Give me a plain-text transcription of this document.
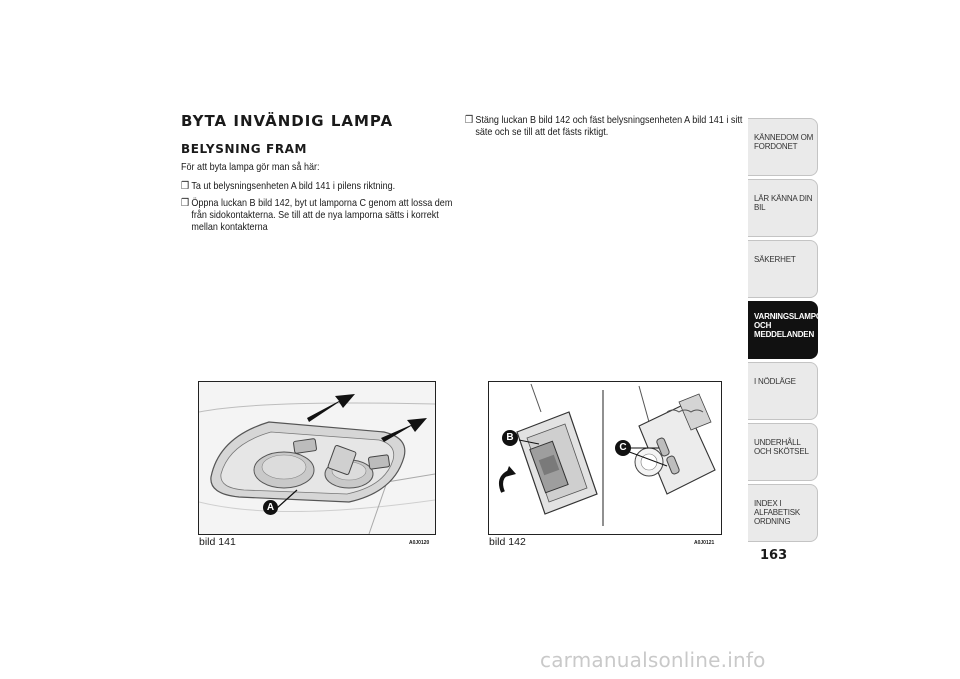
BYTA INVÄNDIG LAMPA
BELYSNING FRAM
För att byta lampa gör man så här:
❒ Ta ut belysningsenheten A bild 141 i pilens riktning.
❒ Öppna luckan B bild 142, byt ut lamporna C genom att lossa dem från sidokontakterna. Se till att de nya lamporna sätts i korrekt mellan kontakterna
❒ Stäng luckan B bild 142 och fäst belysningsenheten A bild 141 i sitt säte och se till att det fästs riktigt.
A
bild 141	A0J0120
B
C
bild 142	A0J0121
KÄNNEDOM OM FORDONET
LÄR KÄNNA DIN BIL
SÄKERHET
VARNINGSLAMPOR OCH MEDDELANDEN
I NÖDLÄGE
UNDERHÅLL OCH SKÖTSEL
INDEX I ALFABETISK ORDNING
163
carmanualsonline.info
